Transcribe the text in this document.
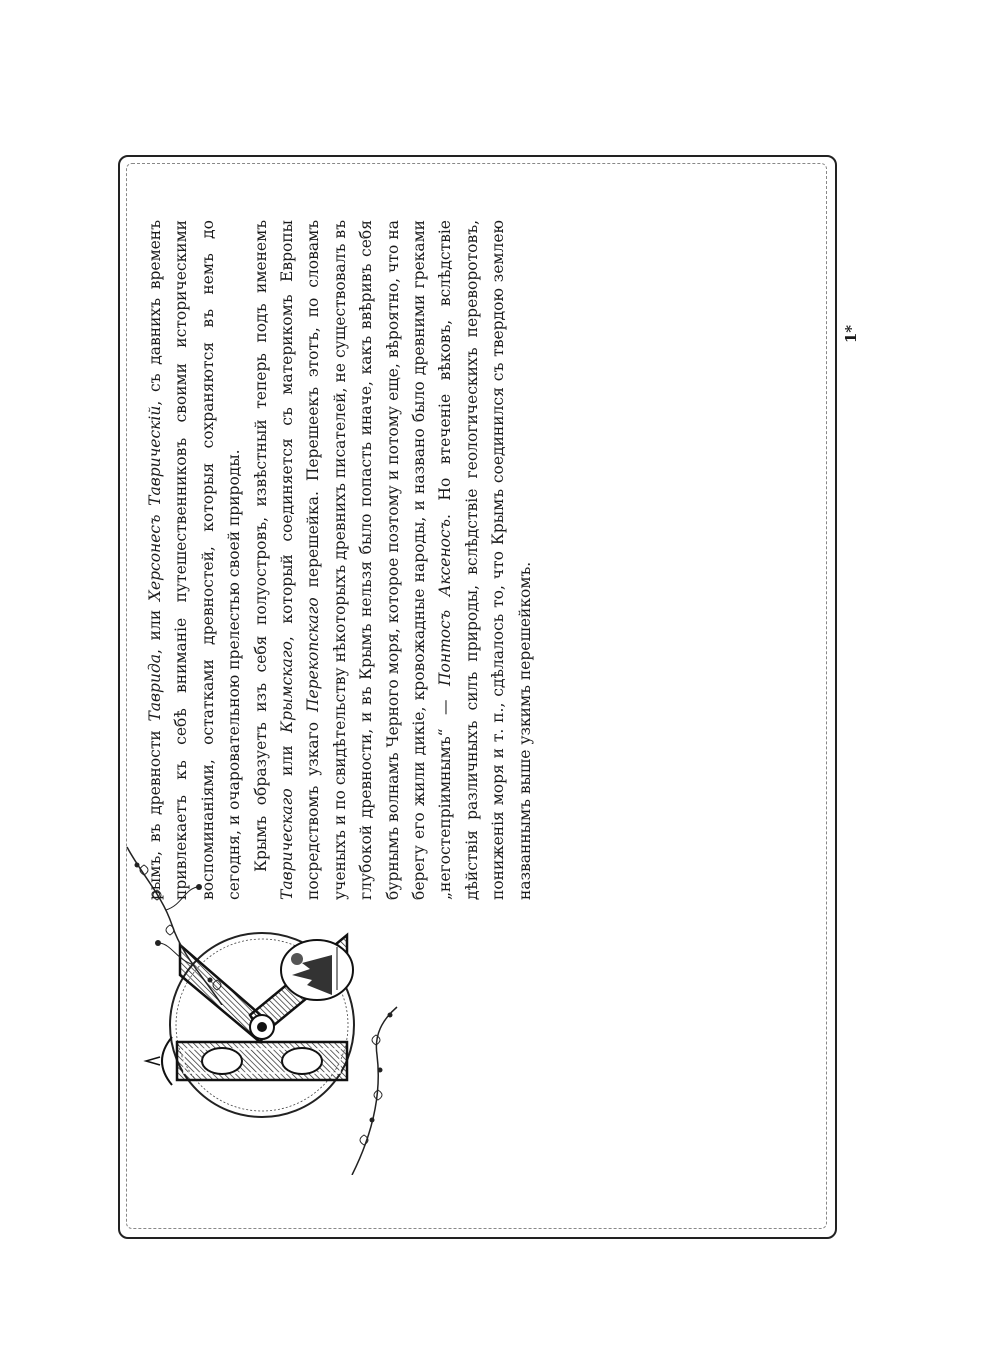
рымъ, въ древности Таврида, или Херсонесъ Таврическій, съ давнихъ временъ привлекаетъ къ себѣ вниманіе путешественниковъ своими историческими воспоминаніями, остатками древностей, которыя сохраняются въ немъ до сегодня, и очаровательною прелестью своей природы. Крымъ образуетъ изъ себя полуостровъ, извѣстный теперь подъ именемъ Таврическаго или Крымскаго, который соединяется съ материкомъ Европы посредствомъ узкаго Перекопскаго перешейка. Перешеекъ этотъ, по словамъ ученыхъ и по свидѣтельству нѣкоторыхъ древнихъ писателей, не существовалъ въ глубокой древности, и въ Крымъ нельзя было попасть иначе, какъ ввѣривъ себя бурнымъ волнамъ Черного моря, которое поэтому и потому еще, вѣроятно, что на берегу его жили дикіе, кровожадные народы, и названо было древними греками „негостепріимнымъ“ — Понтосъ Аксеносъ. Но втеченіе вѣковъ, вслѣдствіе дѣйствія различныхъ силъ природы, вслѣдствіе геологическихъ переворотовъ, пониженія моря и т. п., сдѣлалось то, что Крымъ соединился съ твердою землею названнымъ выше узкимъ перешейкомъ.

1*
